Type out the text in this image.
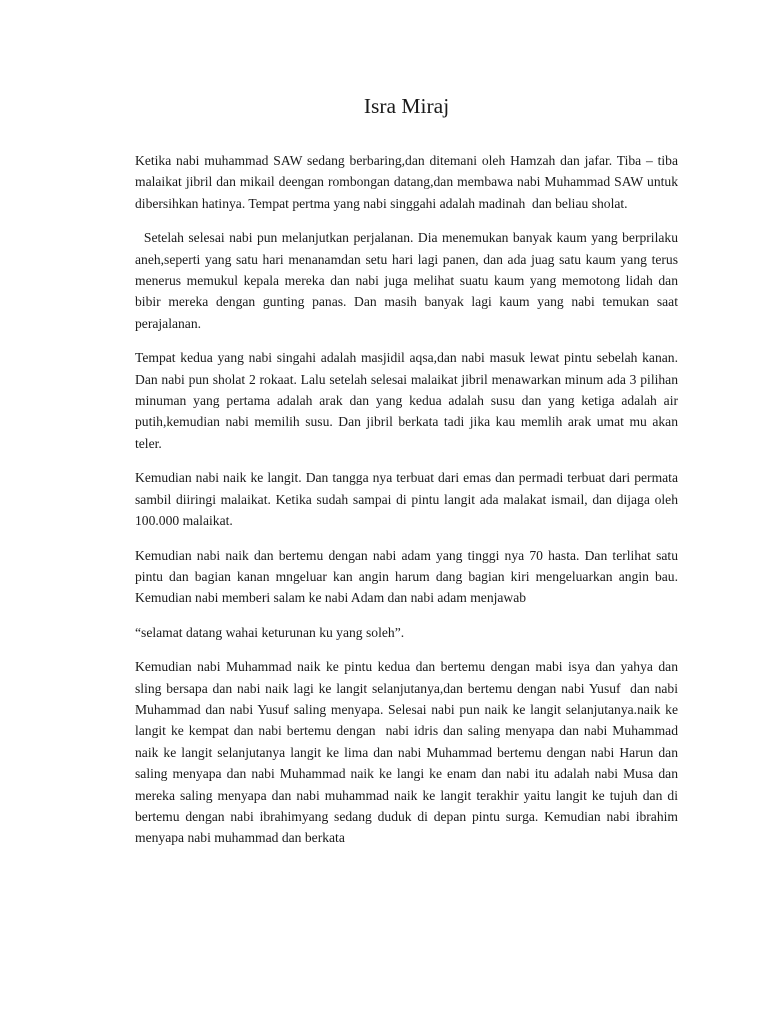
Isra Miraj

Ketika nabi muhammad SAW sedang berbaring,dan ditemani oleh Hamzah dan jafar. Tiba – tiba malaikat jibril dan mikail deengan rombongan datang,dan membawa nabi Muhammad SAW untuk dibersihkan hatinya. Tempat pertma yang nabi singgahi adalah madinah  dan beliau sholat.

Setelah selesai nabi pun melanjutkan perjalanan. Dia menemukan banyak kaum yang berprilaku aneh,seperti yang satu hari menanamdan setu hari lagi panen, dan ada juag satu kaum yang terus menerus memukul kepala mereka dan nabi juga melihat suatu kaum yang memotong lidah dan bibir mereka dengan gunting panas. Dan masih banyak lagi kaum yang nabi temukan saat perajalanan.

Tempat kedua yang nabi singahi adalah masjidil aqsa,dan nabi masuk lewat pintu sebelah kanan. Dan nabi pun sholat 2 rokaat. Lalu setelah selesai malaikat jibril menawarkan minum ada 3 pilihan minuman yang pertama adalah arak dan yang kedua adalah susu dan yang ketiga adalah air putih,kemudian nabi memilih susu. Dan jibril berkata tadi jika kau memlih arak umat mu akan teler.

Kemudian nabi naik ke langit. Dan tangga nya terbuat dari emas dan permadi terbuat dari permata sambil diiringi malaikat. Ketika sudah sampai di pintu langit ada malakat ismail, dan dijaga oleh 100.000 malaikat.

Kemudian nabi naik dan bertemu dengan nabi adam yang tinggi nya 70 hasta. Dan terlihat satu pintu dan bagian kanan mngeluar kan angin harum dang bagian kiri mengeluarkan angin bau. Kemudian nabi memberi salam ke nabi Adam dan nabi adam menjawab

“selamat datang wahai keturunan ku yang soleh”.

Kemudian nabi Muhammad naik ke pintu kedua dan bertemu dengan mabi isya dan yahya dan sling bersapa dan nabi naik lagi ke langit selanjutanya,dan bertemu dengan nabi Yusuf  dan nabi Muhammad dan nabi Yusuf saling menyapa. Selesai nabi pun naik ke langit selanjutanya.naik ke langit ke kempat dan nabi bertemu dengan  nabi idris dan saling menyapa dan nabi Muhammad naik ke langit selanjutanya langit ke lima dan nabi Muhammad bertemu dengan nabi Harun dan saling menyapa dan nabi Muhammad naik ke langi ke enam dan nabi itu adalah nabi Musa dan mereka saling menyapa dan nabi muhammad naik ke langit terakhir yaitu langit ke tujuh dan di bertemu dengan nabi ibrahimyang sedang duduk di depan pintu surga. Kemudian nabi ibrahim menyapa nabi muhammad dan berkata
